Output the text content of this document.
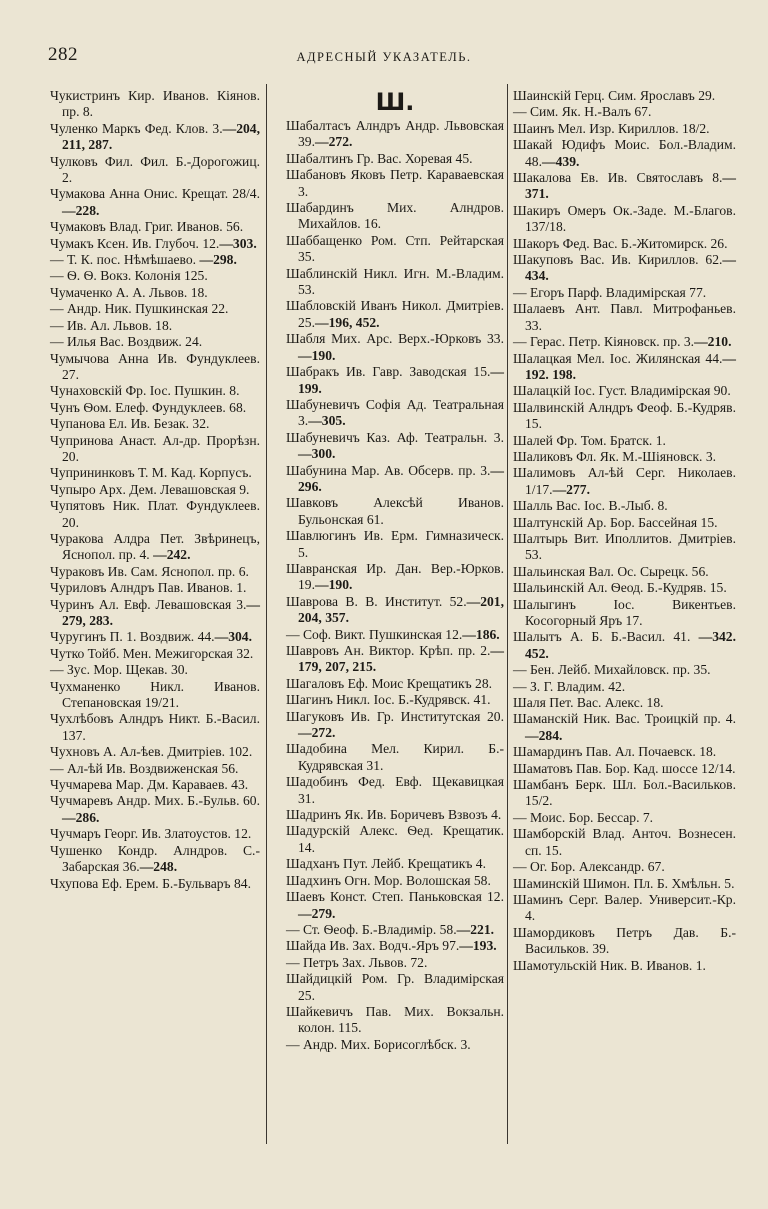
282	АДРЕСНЫЙ УКАЗАТЕЛЬ.
Чукистринъ Кир. Иванов. Кіянов. пр. 8.
Чуленко Маркъ Фед. Клов. 3.—204, 211, 287.
Чулковъ Фил. Фил. Б.-Дорогожиц. 2.
Чумакова Анна Онис. Крещат. 28/4.—228.
Чумаковъ Влад. Григ. Иванов. 56.
Чумакъ Ксен. Ив. Глубоч. 12.—303.
— Т. К. пос. Нѣмѣшаево. —298.
— Ѳ. Ѳ. Вокз. Колонія 125.
Чумаченко А. А. Львов. 18.
— Андр. Ник. Пушкинская 22.
— Ив. Ал. Львов. 18.
— Илья Вас. Воздвиж. 24.
Чумычова Анна Ив. Фундуклеев. 27.
Чунаховскій Фр. Іос. Пушкин. 8.
Чунъ Ѳом. Елеф. Фундуклеев. 68.
Чупанова Ел. Ив. Безак. 32.
Чупринова Анаст. Ал-др. Прорѣзн. 20.
Чупрининковъ Т. М. Кад. Корпусъ.
Чупыро Арх. Дем. Левашовская 9.
Чупятовъ Ник. Плат. Фундуклеев. 20.
Чуракова Алдра Пет. Звѣринецъ, Яснопол. пр. 4. —242.
Чураковъ Ив. Сам. Яснопол. пр. 6.
Чуриловъ Алндръ Пав. Иванов. 1.
Чуринъ Ал. Евф. Левашовская 3.—279, 283.
Чуругинъ П. 1. Воздвиж. 44.—304.
Чутко Тойб. Мен. Межигорская 32.
— Зус. Мор. Щекав. 30.
Чухманенко Никл. Иванов. Степановская 19/21.
Чухлѣбовъ Алндръ Никт. Б.-Васил. 137.
Чухновъ А. Ал-ѣев. Дмитріев. 102.
— Ал-ѣй Ив. Воздвиженская 56.
Чучмарева Мар. Дм. Караваев. 43.
Чучмаревъ Андр. Мих. Б.-Бульв. 60.—286.
Чучмаръ Георг. Ив. Златоустов. 12.
Чушенко Кондр. Алндров. С.-Забарская 36.—248.
Чхупова Еф. Ерем. Б.-Бульваръ 84.
Ш.
Шабалтасъ Алндръ Андр. Львовская 39.—272.
Шабалтинъ Гр. Вас. Хоревая 45.
Шабановъ Яковъ Петр. Караваевская 3.
Шабардинъ Мих. Алндров. Михайлов. 16.
Шаббащенко Ром. Стп. Рейтарская 35.
Шаблинскій Никл. Игн. М.-Владим. 53.
Шабловскій Иванъ Никол. Дмитріев. 25.—196, 452.
Шабля Мих. Арс. Верх.-Юрковъ 33.—190.
Шабракъ Ив. Гавр. Заводская 15.—199.
Шабуневичъ Софія Ад. Театральная 3.—305.
Шабуневичъ Каз. Аф. Театральн. 3.—300.
Шабунина Мар. Ав. Обсерв. пр. 3.—296.
Шавковъ Алексѣй Иванов. Бульонская 61.
Шавлюгинъ Ив. Ерм. Гимназическ. 5.
Шавранская Ир. Дан. Вер.-Юрков. 19.—190.
Шаврова В. В. Институт. 52.—201, 204, 357.
— Соф. Викт. Пушкинская 12.—186.
Шавровъ Ан. Виктор. Крѣп. пр. 2.—179, 207, 215.
Шагаловъ Еф. Моис Крещатикъ 28.
Шагинъ Никл. Іос. Б.-Кудрявск. 41.
Шагуковъ Ив. Гр. Институтская 20.—272.
Шадобина Мел. Кирил. Б.-Кудрявская 31.
Шадобинъ Фед. Евф. Щекавицкая 31.
Шадринъ Як. Ив. Боричевъ Взвозъ 4.
Шадурскій Алекс. Ѳед. Крещатик. 14.
Шадханъ Пут. Лейб. Крещатикъ 4.
Шадхинъ Огн. Мор. Волошская 58.
Шаевъ Конст. Степ. Паньковская 12.—279.
— Ст. Ѳеоф. Б.-Владимір. 58.—221.
Шайда Ив. Зах. Водч.-Яръ 97.—193.
— Петръ Зах. Львов. 72.
Шайдицкій Ром. Гр. Владимірская 25.
Шайкевичъ Пав. Мих. Вокзальн. колон. 115.
— Андр. Мих. Борисоглѣбск. 3.
Шаинскій Герц. Сим. Ярославъ 29.
— Сим. Як. Н.-Валъ 67.
Шаинъ Мел. Изр. Кириллов. 18/2.
Шакай Юдифъ Моис. Бол.-Владим. 48.—439.
Шакалова Ев. Ив. Святославъ 8.—371.
Шакиръ Омеръ Ок.-Заде. М.-Благов. 137/18.
Шакоръ Фед. Вас. Б.-Житомирск. 26.
Шакуповъ Вас. Ив. Кириллов. 62.—434.
— Егоръ Парф. Владимірская 77.
Шалаевъ Ант. Павл. Митрофаньев. 33.
— Герас. Петр. Кіяновск. пр. 3.—210.
Шалацкая Мел. Іос. Жилянская 44.—192. 198.
Шалацкій Іос. Густ. Владимірская 90.
Шалвинскій Алндръ Феоф. Б.-Кудряв. 15.
Шалей Фр. Том. Братск. 1.
Шаликовъ Фл. Як. М.-Шіяновск. 3.
Шалимовъ Ал-ѣй Серг. Николаев. 1/17.—277.
Шалль Вас. Іос. В.-Лыб. 8.
Шалтунскій Ар. Бор. Бассейная 15.
Шалтырь Вит. Иполлитов. Дмитріев. 53.
Шальинская Вал. Ос. Сырецк. 56.
Шальинскій Ал. Ѳеод. Б.-Кудряв. 15.
Шалыгинъ Іос. Викентьев. Косогорный Яръ 17.
Шалытъ А. Б. Б.-Васил. 41. —342. 452.
— Бен. Лейб. Михайловск. пр. 35.
— З. Г. Владим. 42.
Шаля Пет. Вас. Алекс. 18.
Шаманскій Ник. Вас. Троицкій пр. 4.—284.
Шамардинъ Пав. Ал. Почаевск. 18.
Шаматовъ Пав. Бор. Кад. шоссе 12/14.
Шамбанъ Берк. Шл. Бол.-Васильков. 15/2.
— Моис. Бор. Бессар. 7.
Шамборскій Влад. Анточ. Вознесен. сп. 15.
— Ог. Бор. Александр. 67.
Шаминскій Шимон. Пл. Б. Хмѣльн. 5.
Шаминъ Серг. Валер. Университ.-Кр. 4.
Шамордиковъ Петръ Дав. Б.-Васильков. 39.
Шамотульскій Ник. В. Иванов. 1.
